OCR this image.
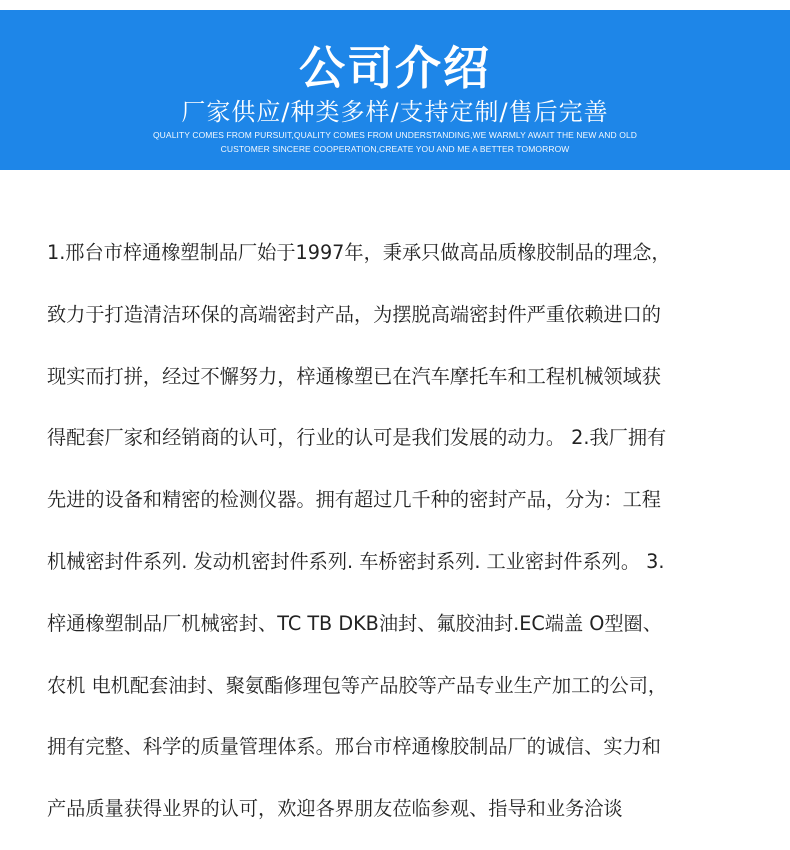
公司介绍
厂家供应/种类多样/支持定制/售后完善
QUALITY COMES FROM PURSUIT,QUALITY COMES FROM UNDERSTANDING,WE WARMLY AWAIT THE NEW AND OLD
CUSTOMER SINCERE COOPERATION,CREATE YOU AND ME A BETTER TOMORROW
1.邢台市梓通橡塑制品厂始于1997年，秉承只做高品质橡胶制品的理念，
致力于打造清洁环保的高端密封产品，为摆脱高端密封件严重依赖进口的
现实而打拼，经过不懈努力，梓通橡塑已在汽车摩托车和工程机械领域获
得配套厂家和经销商的认可，行业的认可是我们发展的动力。 2.我厂拥有
先进的设备和精密的检测仪器。拥有超过几千种的密封产品，分为：工程
机械密封件系列. 发动机密封件系列. 车桥密封系列. 工业密封件系列。 3.
梓通橡塑制品厂机械密封、TC TB DKB油封、氟胶油封.EC端盖 O型圈、
农机 电机配套油封、聚氨酯修理包等产品胶等产品专业生产加工的公司，
拥有完整、科学的质量管理体系。邢台市梓通橡胶制品厂的诚信、实力和
产品质量获得业界的认可，欢迎各界朋友莅临参观、指导和业务洽谈
